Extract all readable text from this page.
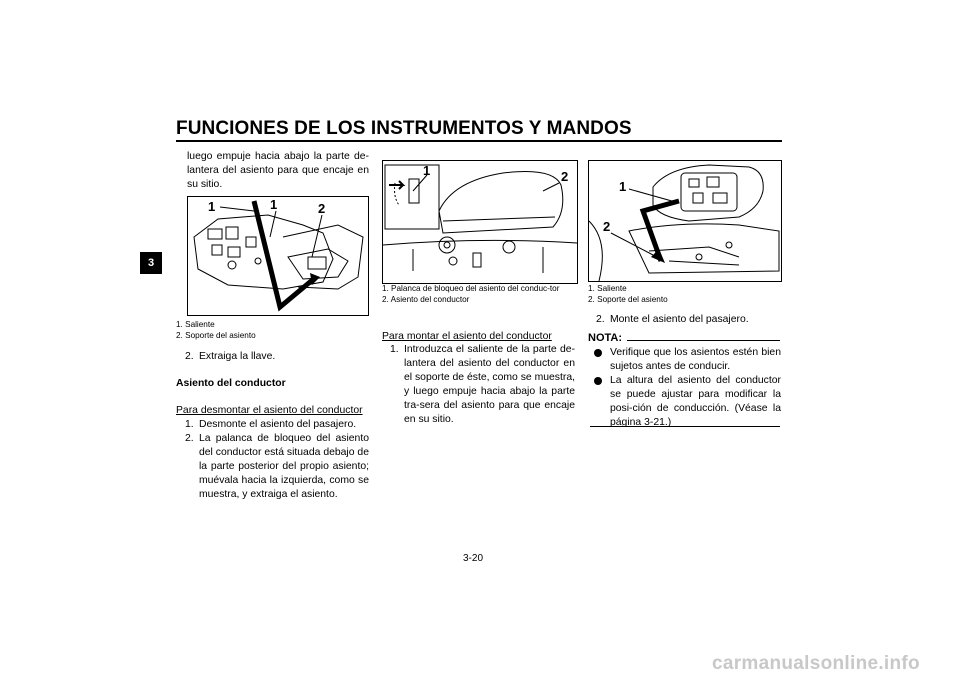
FUNCIONES DE LOS INSTRUMENTOS Y MANDOS
3
luego empuje hacia abajo la parte de-lantera del asiento para que encaje en su sitio.
1	1	2
1. Saliente
2. Soporte del asiento
2. Extraiga la llave.
Asiento del conductor
Para desmontar el asiento del conductor
1. Desmonte el asiento del pasajero.
2. La palanca de bloqueo del asiento del conductor está situada debajo de la parte posterior del propio asiento; muévala hacia la izquierda, como se muestra, y extraiga el asiento.
1	2
1. Palanca de bloqueo del asiento del conduc-tor
2. Asiento del conductor
Para montar el asiento del conductor
1. Introduzca el saliente de la parte de-lantera del asiento del conductor en el soporte de éste, como se muestra, y luego empuje hacia abajo la parte tra-sera del asiento para que encaje en su sitio.
1
2
1. Saliente
2. Soporte del asiento
2. Monte el asiento del pasajero.
NOTA:
Verifique que los asientos estén bien sujetos antes de conducir.
La altura del asiento del conductor se puede ajustar para modificar la posi-ción de conducción. (Véase la página 3-21.)
3-20
carmanualsonline.info
